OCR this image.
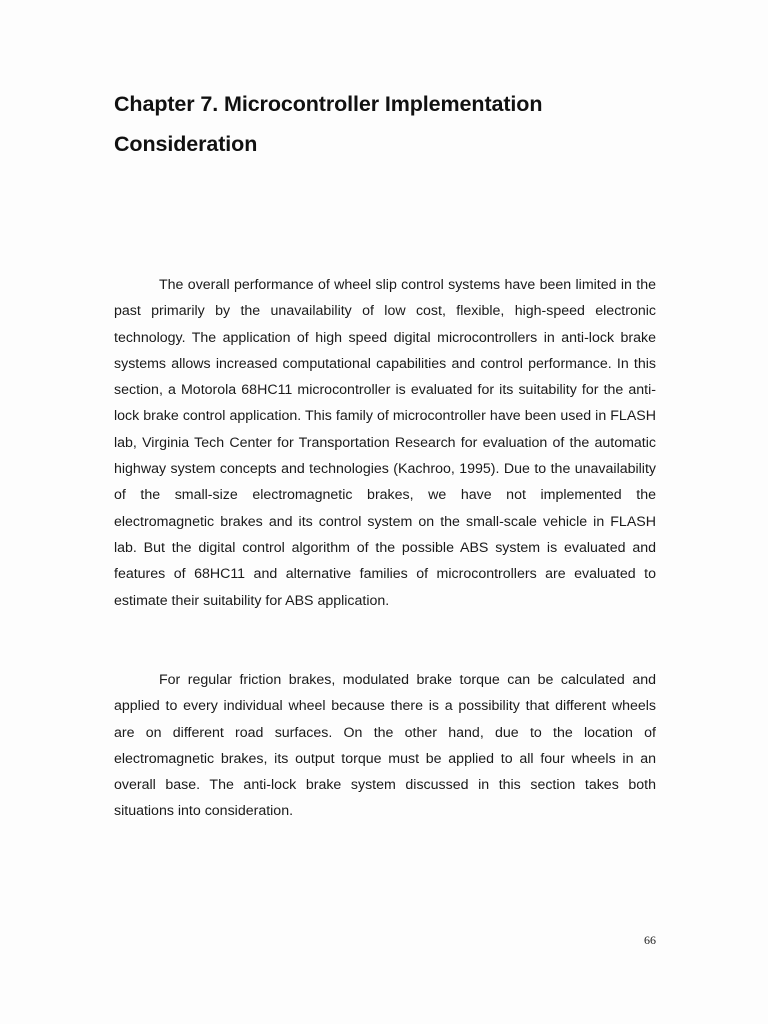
Chapter 7. Microcontroller Implementation Consideration

The overall performance of wheel slip control systems have been limited in the past primarily by the unavailability of low cost, flexible, high-speed electronic technology. The application of high speed digital microcontrollers in anti-lock brake systems allows increased computational capabilities and control performance. In this section, a Motorola 68HC11 microcontroller is evaluated for its suitability for the anti-lock brake control application. This family of microcontroller have been used in FLASH lab, Virginia Tech Center for Transportation Research for evaluation of the automatic highway system concepts and technologies (Kachroo, 1995). Due to the unavailability of the small-size electromagnetic brakes, we have not implemented the electromagnetic brakes and its control system on the small-scale vehicle in FLASH lab. But the digital control algorithm of the possible ABS system is evaluated and features of 68HC11 and alternative families of microcontrollers are evaluated to estimate their suitability for ABS application.

For regular friction brakes, modulated brake torque can be calculated and applied to every individual wheel because there is a possibility that different wheels are on different road surfaces. On the other hand, due to the location of electromagnetic brakes, its output torque must be applied to all four wheels in an overall base. The anti-lock brake system discussed in this section takes both situations into consideration.

66
